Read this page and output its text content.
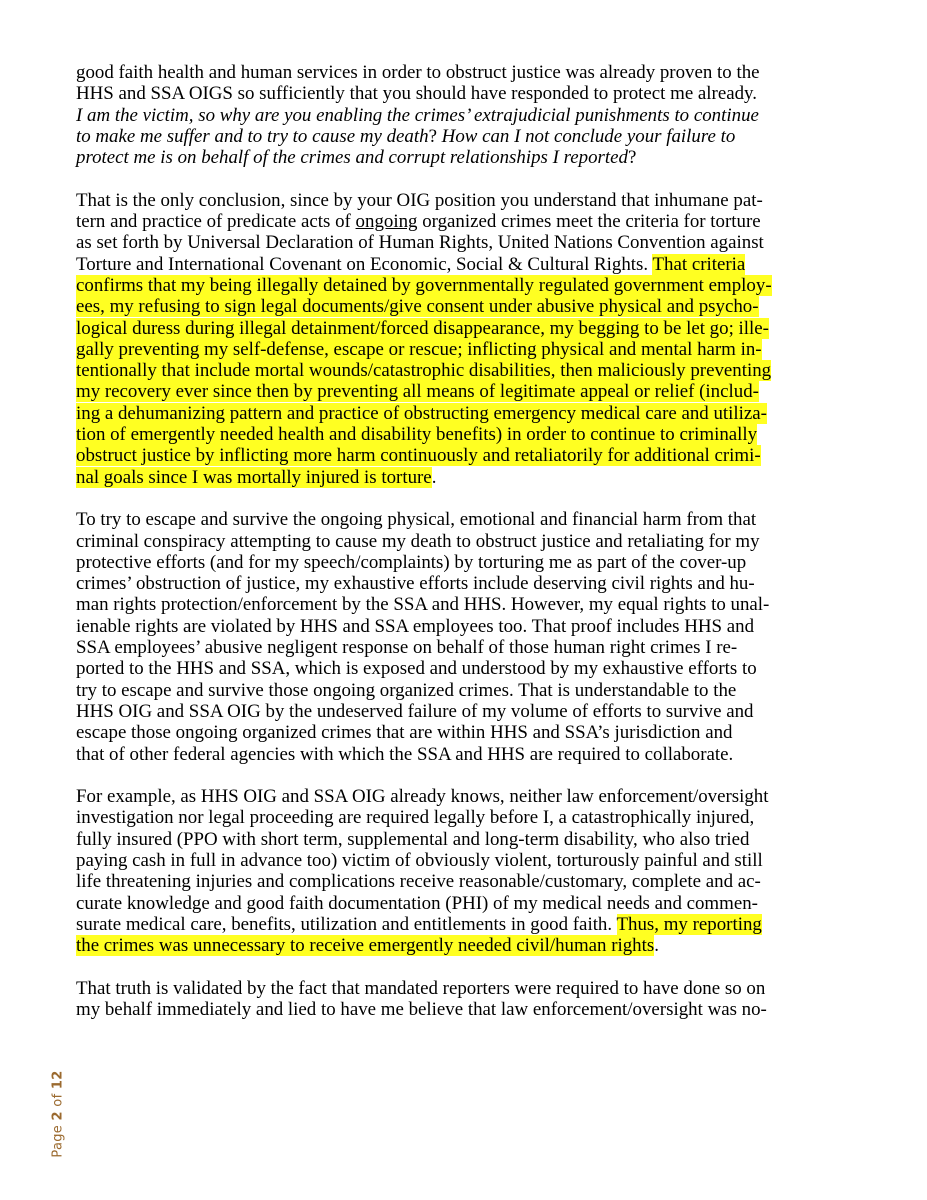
good faith health and human services in order to obstruct justice was already proven to the
HHS and SSA OIGS so sufficiently that you should have responded to protect me already.
I am the victim, so why are you enabling the crimes’ extrajudicial punishments to continue
to make me suffer and to try to cause my death? How can I not conclude your failure to
protect me is on behalf of the crimes and corrupt relationships I reported?
That is the only conclusion, since by your OIG position you understand that inhumane pat-
tern and practice of predicate acts of ongoing organized crimes meet the criteria for torture
as set forth by Universal Declaration of Human Rights, United Nations Convention against
Torture and International Covenant on Economic, Social & Cultural Rights. That criteria
confirms that my being illegally detained by governmentally regulated government employ-
ees, my refusing to sign legal documents/give consent under abusive physical and psycho-
logical duress during illegal detainment/forced disappearance, my begging to be let go; ille-
gally preventing my self-defense, escape or rescue; inflicting physical and mental harm in-
tentionally that include mortal wounds/catastrophic disabilities, then maliciously preventing
my recovery ever since then by preventing all means of legitimate appeal or relief (includ-
ing a dehumanizing pattern and practice of obstructing emergency medical care and utiliza-
tion of emergently needed health and disability benefits) in order to continue to criminally
obstruct justice by inflicting more harm continuously and retaliatorily for additional crimi-
nal goals since I was mortally injured is torture.
To try to escape and survive the ongoing physical, emotional and financial harm from that
criminal conspiracy attempting to cause my death to obstruct justice and retaliating for my
protective efforts (and for my speech/complaints) by torturing me as part of the cover-up
crimes’ obstruction of justice, my exhaustive efforts include deserving civil rights and hu-
man rights protection/enforcement by the SSA and HHS. However, my equal rights to unal-
ienable rights are violated by HHS and SSA employees too. That proof includes HHS and
SSA employees’ abusive negligent response on behalf of those human right crimes I re-
ported to the HHS and SSA, which is exposed and understood by my exhaustive efforts to
try to escape and survive those ongoing organized crimes. That is understandable to the
HHS OIG and SSA OIG by the undeserved failure of my volume of efforts to survive and
escape those ongoing organized crimes that are within HHS and SSA’s jurisdiction and
that of other federal agencies with which the SSA and HHS are required to collaborate.
For example, as HHS OIG and SSA OIG already knows, neither law enforcement/oversight
investigation nor legal proceeding are required legally before I, a catastrophically injured,
fully insured (PPO with short term, supplemental and long-term disability, who also tried
paying cash in full in advance too) victim of obviously violent, torturously painful and still
life threatening injuries and complications receive reasonable/customary, complete and ac-
curate knowledge and good faith documentation (PHI) of my medical needs and commen-
surate medical care, benefits, utilization and entitlements in good faith. Thus, my reporting
the crimes was unnecessary to receive emergently needed civil/human rights.
That truth is validated by the fact that mandated reporters were required to have done so on
my behalf immediately and lied to have me believe that law enforcement/oversight was no-
Page 2 of 12
